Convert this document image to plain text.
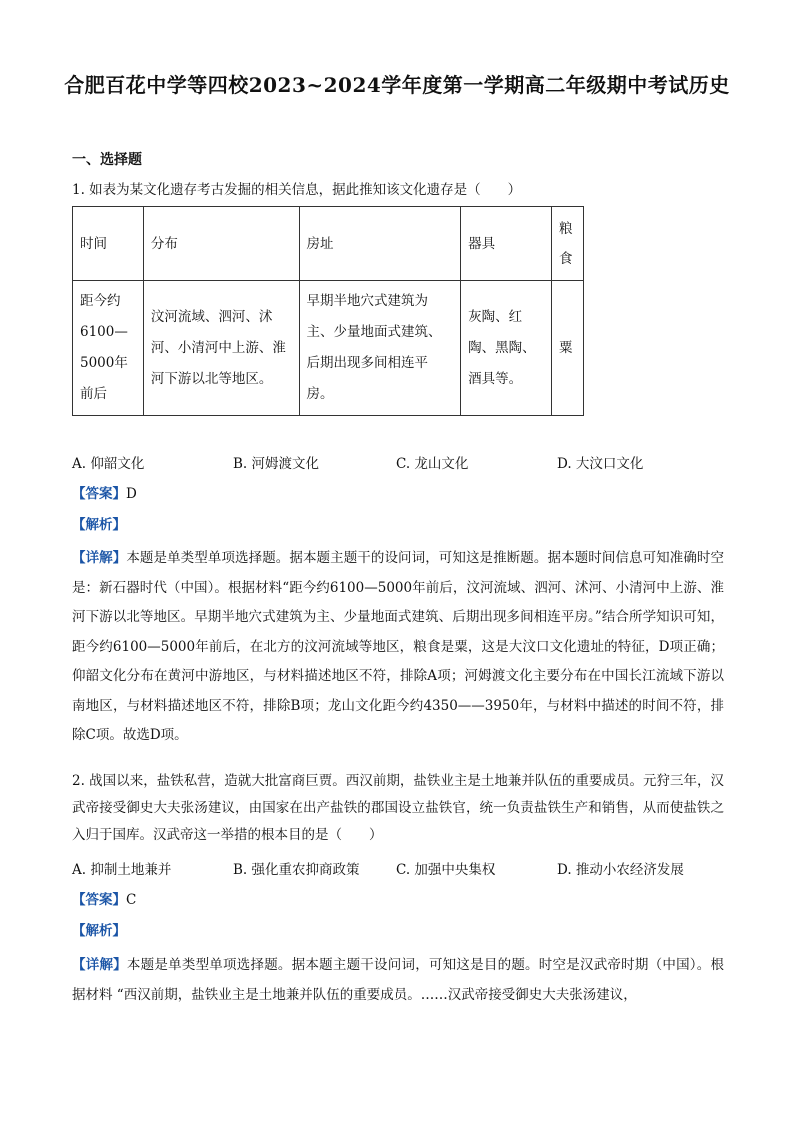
合肥百花中学等四校2023~2024学年度第一学期高二年级期中考试历史
一、选择题
1. 如表为某文化遗存考古发掘的相关信息，据此推知该文化遗存是（　　）
时间	分布	房址	器具	粮食
距今约6100—5000年前后	汶河流域、泗河、沭河、小清河中上游、淮河下游以北等地区。	早期半地穴式建筑为主、少量地面式建筑、后期出现多间相连平房。	灰陶、红陶、黑陶、酒具等。	粟
A. 仰韶文化	B. 河姆渡文化	C. 龙山文化	D. 大汶口文化
【答案】D
【解析】
【详解】本题是单类型单项选择题。据本题主题干的设问词，可知这是推断题。据本题时间信息可知准确时空是：新石器时代（中国）。根据材料“距今约6100—5000年前后，汶河流域、泗河、沭河、小清河中上游、淮河下游以北等地区。早期半地穴式建筑为主、少量地面式建筑、后期出现多间相连平房。”结合所学知识可知，距今约6100—5000年前后，在北方的汶河流域等地区，粮食是粟，这是大汶口文化遗址的特征，D项正确；仰韶文化分布在黄河中游地区，与材料描述地区不符，排除A项；河姆渡文化主要分布在中国长江流域下游以南地区，与材料描述地区不符，排除B项；龙山文化距今约4350——3950年，与材料中描述的时间不符，排除C项。故选D项。
2. 战国以来，盐铁私营，造就大批富商巨贾。西汉前期，盐铁业主是土地兼并队伍的重要成员。元狩三年，汉武帝接受御史大夫张汤建议，由国家在出产盐铁的郡国设立盐铁官，统一负责盐铁生产和销售，从而使盐铁之入归于国库。汉武帝这一举措的根本目的是（　　）
A. 抑制土地兼并	B. 强化重农抑商政策	C. 加强中央集权	D. 推动小农经济发展
【答案】C
【解析】
【详解】本题是单类型单项选择题。据本题主题干设问词，可知这是目的题。时空是汉武帝时期（中国）。根据材料 “西汉前期，盐铁业主是土地兼并队伍的重要成员。……汉武帝接受御史大夫张汤建议，
